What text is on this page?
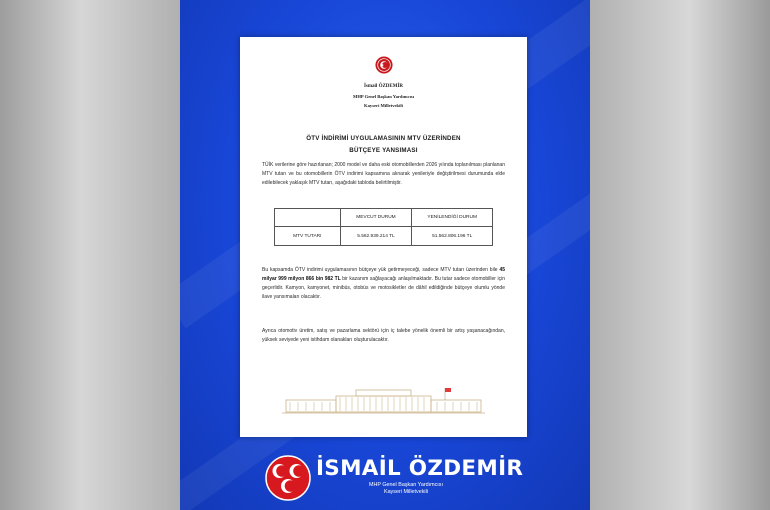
İsmail ÖZDEMİR
MHP Genel Başkan Yardımcısı
Kayseri Milletvekili
ÖTV İNDİRİMİ UYGULAMASININ MTV ÜZERİNDEN
BÜTÇEYE YANSIMASI
TÜİK verilerine göre hazırlanan; 2000 model ve daha eski otomobillerden 2026 yılında toplanılması planlanan MTV tutarı ve bu otomobillerin ÖTV indirimi kapsamına alınarak yenileriyle değiştirilmesi durumunda elde edilebilecek yaklaşık MTV tutarı, aşağıdaki tabloda belirtilmiştir.
	MEVCUT DURUM	YENİLENDİĞİ DURUM
MTV TUTARI	5.562.939.214 TL	51.562.806.196 TL
Bu kapsamda ÖTV indirimi uygulamasının bütçeye yük getirmeyeceği, sadece MTV tutarı üzerinden bile 45 milyar 999 milyon 866 bin 982 TL bir kazanım sağlayacağı anlaşılmaktadır. Bu tutar sadece otomobiller için geçerlidir. Kamyon, kamyonet, minibüs, otobüs ve motosikletler de dâhil edildiğinde bütçeye olumlu yönde ilave yansımaları olacaktır.
Ayrıca otomotiv üretim, satış ve pazarlama sektörü için iç talebe yönelik önemli bir artış yaşanacağından, yüksek seviyede yeni istihdam olanakları oluşturulacaktır.
İSMAİL ÖZDEMİR
MHP Genel Başkan Yardımcısı
Kayseri Milletvekili
